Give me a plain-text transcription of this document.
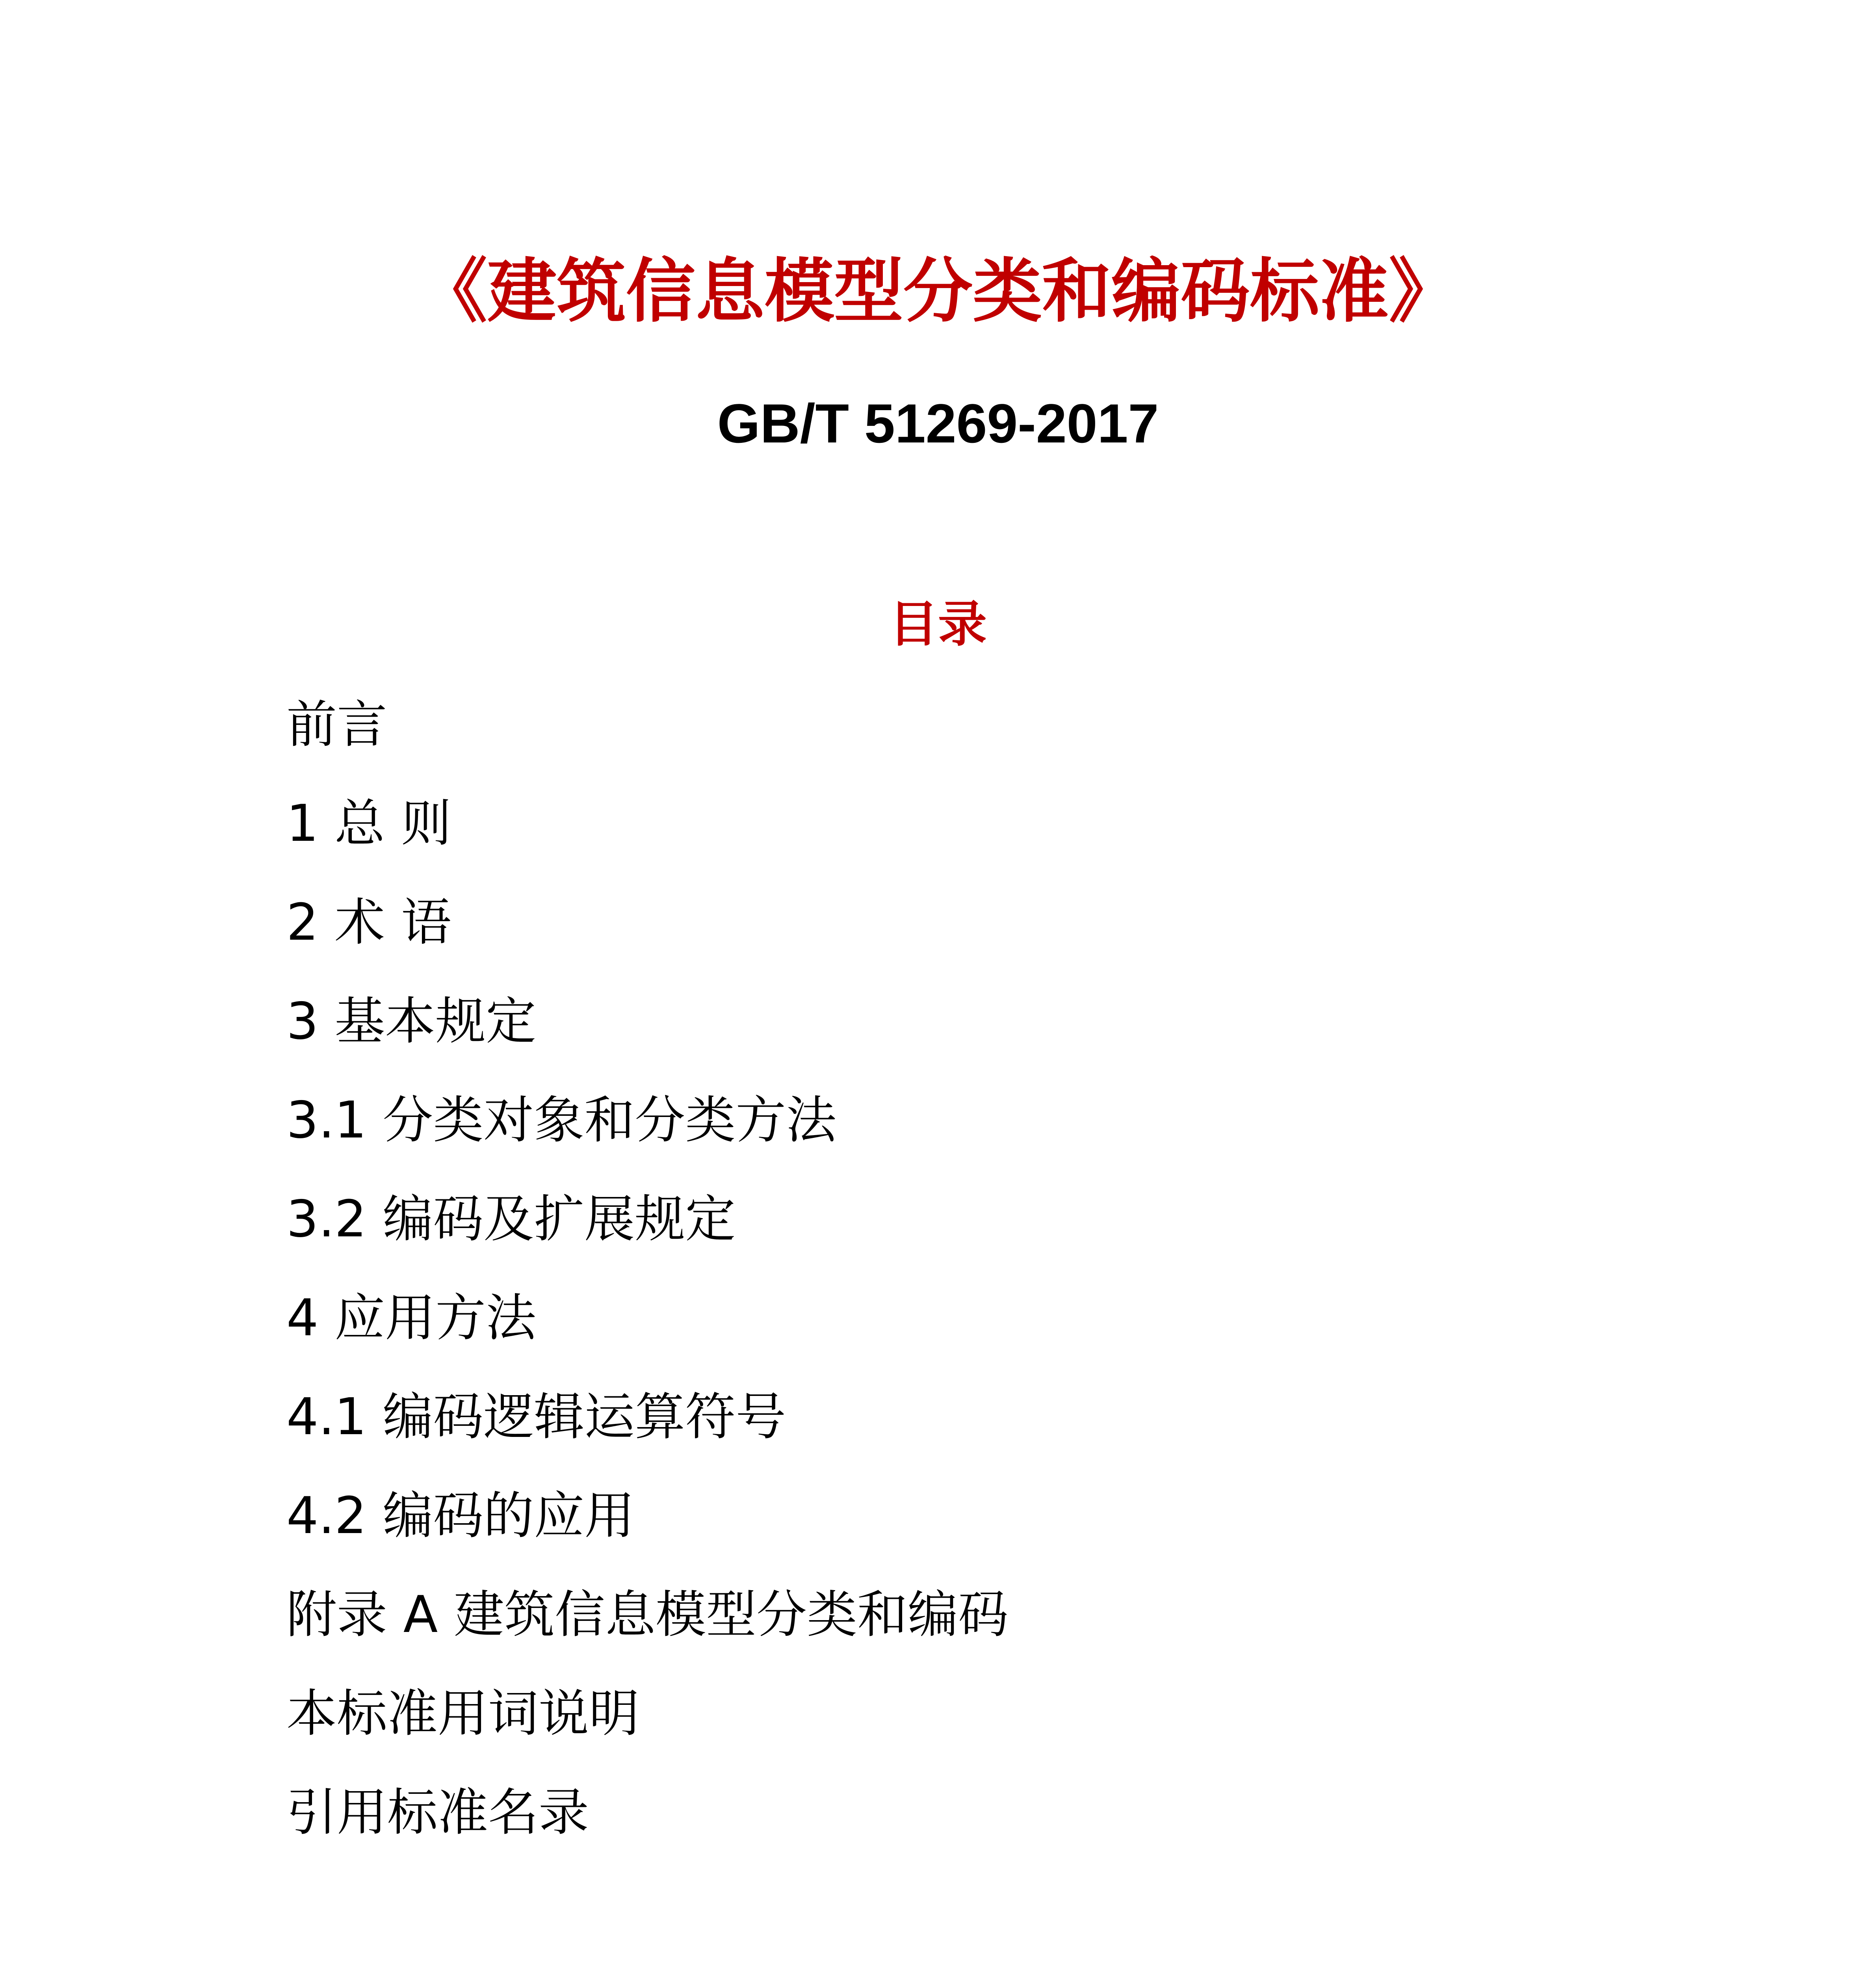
《建筑信息模型分类和编码标准》
GB/T 51269-2017
目录
前言
1 总 则
2 术 语
3 基本规定
3.1 分类对象和分类方法
3.2 编码及扩展规定
4 应用方法
4.1 编码逻辑运算符号
4.2 编码的应用
附录 A 建筑信息模型分类和编码
本标准用词说明
引用标准名录
